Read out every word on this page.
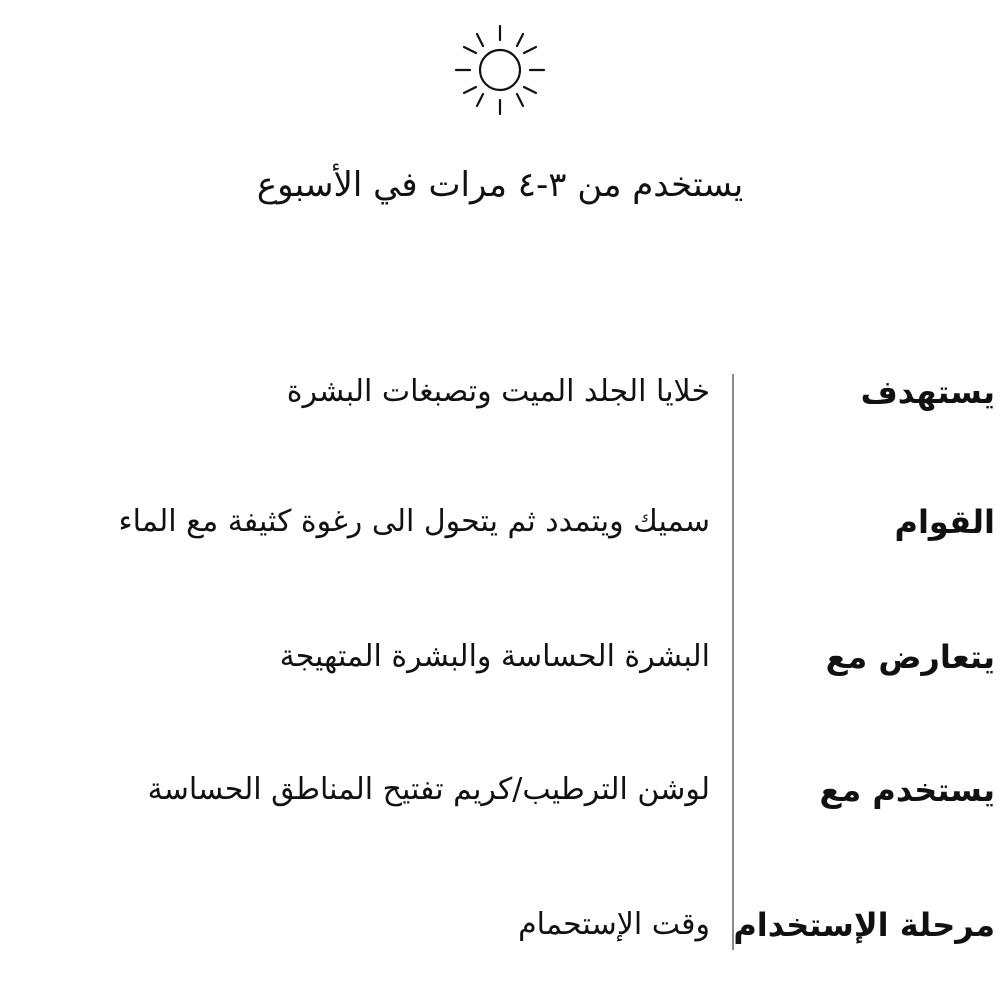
يستخدم من ٣-٤ مرات في الأسبوع
يستهدف
خلايا الجلد الميت وتصبغات البشرة
القوام
سميك ويتمدد ثم يتحول الى رغوة كثيفة مع الماء
يتعارض مع
البشرة الحساسة والبشرة المتهيجة
يستخدم مع
لوشن الترطيب/كريم تفتيح المناطق الحساسة
مرحلة الإستخدام
وقت الإستحمام
